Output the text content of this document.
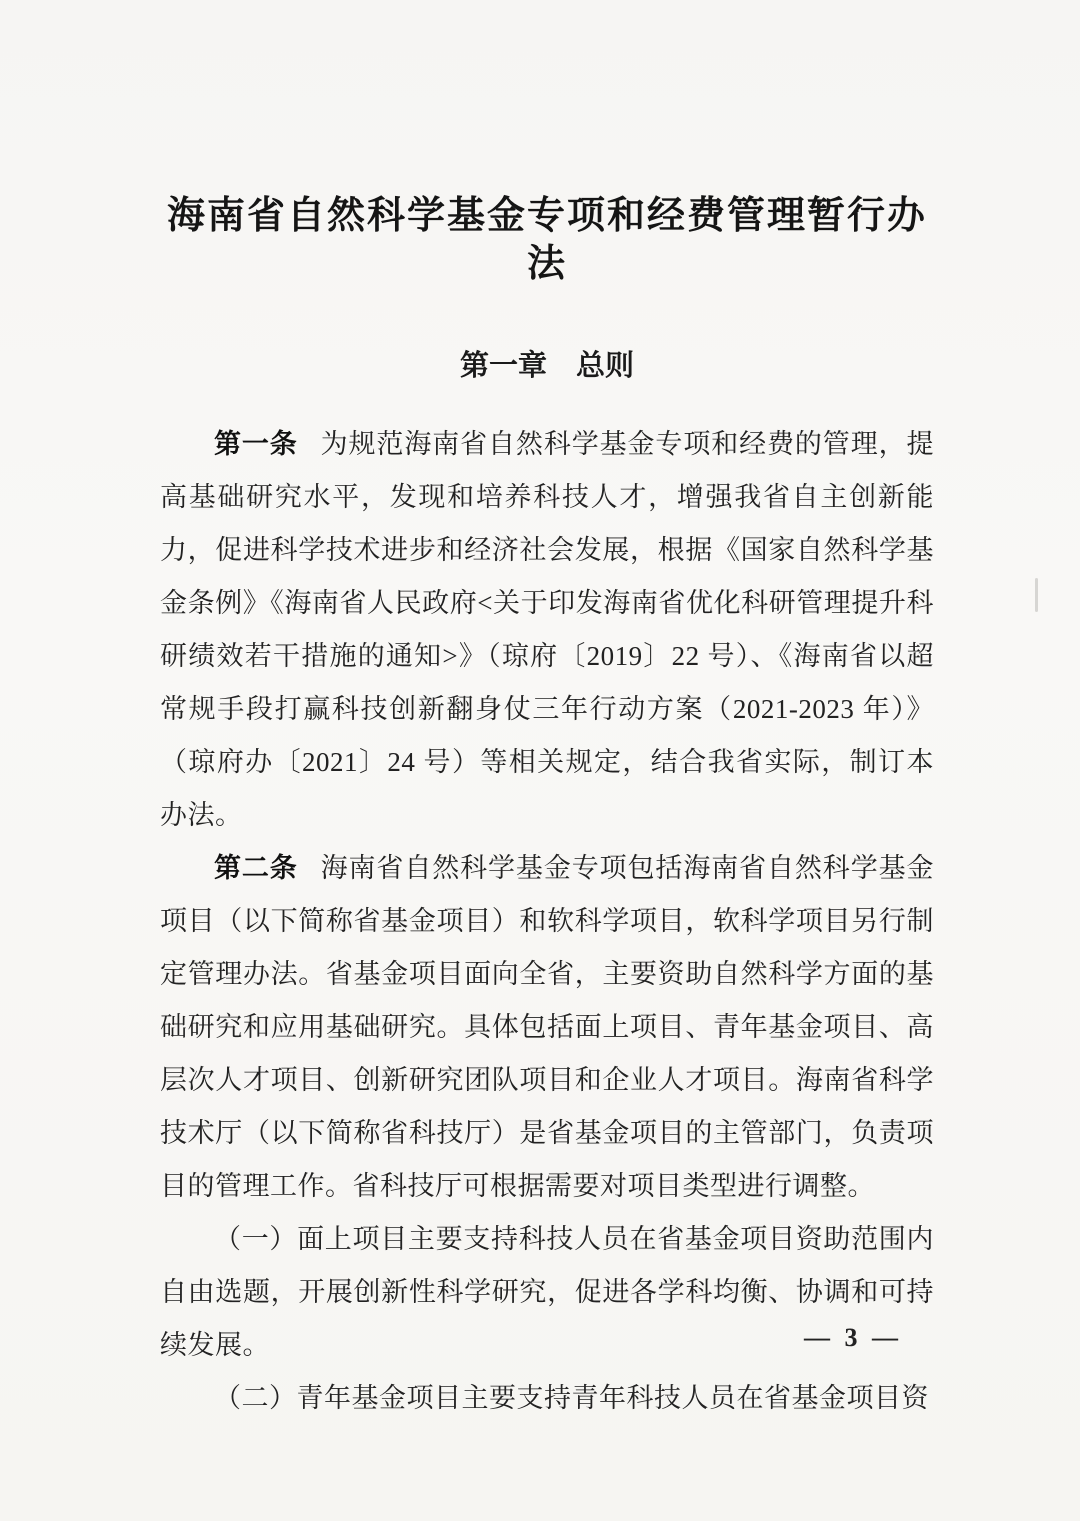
海南省自然科学基金专项和经费管理暂行办法
第一章　总则

第一条 为规范海南省自然科学基金专项和经费的管理，提高基础研究水平，发现和培养科技人才，增强我省自主创新能力，促进科学技术进步和经济社会发展，根据《国家自然科学基金条例》《海南省人民政府<关于印发海南省优化科研管理提升科研绩效若干措施的通知>》（琼府〔2019〕22 号）、《海南省以超常规手段打赢科技创新翻身仗三年行动方案（2021-2023 年）》（琼府办〔2021〕24 号）等相关规定，结合我省实际，制订本办法。

第二条 海南省自然科学基金专项包括海南省自然科学基金项目（以下简称省基金项目）和软科学项目，软科学项目另行制定管理办法。省基金项目面向全省，主要资助自然科学方面的基础研究和应用基础研究。具体包括面上项目、青年基金项目、高层次人才项目、创新研究团队项目和企业人才项目。海南省科学技术厅（以下简称省科技厅）是省基金项目的主管部门，负责项目的管理工作。省科技厅可根据需要对项目类型进行调整。

（一）面上项目主要支持科技人员在省基金项目资助范围内自由选题，开展创新性科学研究，促进各学科均衡、协调和可持续发展。

（二）青年基金项目主要支持青年科技人员在省基金项目资

— 3 —
